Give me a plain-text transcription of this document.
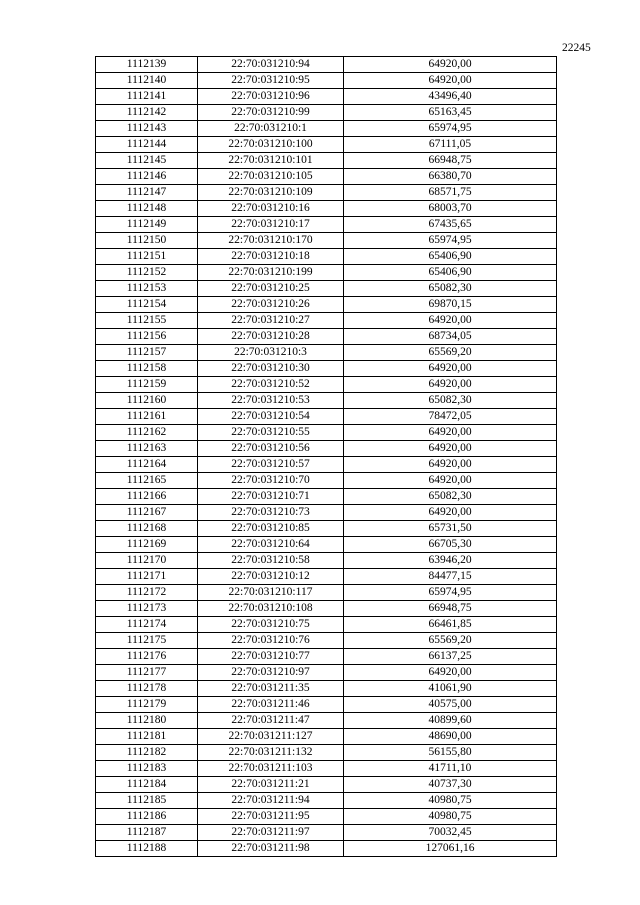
22245
1112139	22:70:031210:94	64920,00
1112140	22:70:031210:95	64920,00
1112141	22:70:031210:96	43496,40
1112142	22:70:031210:99	65163,45
1112143	22:70:031210:1	65974,95
1112144	22:70:031210:100	67111,05
1112145	22:70:031210:101	66948,75
1112146	22:70:031210:105	66380,70
1112147	22:70:031210:109	68571,75
1112148	22:70:031210:16	68003,70
1112149	22:70:031210:17	67435,65
1112150	22:70:031210:170	65974,95
1112151	22:70:031210:18	65406,90
1112152	22:70:031210:199	65406,90
1112153	22:70:031210:25	65082,30
1112154	22:70:031210:26	69870,15
1112155	22:70:031210:27	64920,00
1112156	22:70:031210:28	68734,05
1112157	22:70:031210:3	65569,20
1112158	22:70:031210:30	64920,00
1112159	22:70:031210:52	64920,00
1112160	22:70:031210:53	65082,30
1112161	22:70:031210:54	78472,05
1112162	22:70:031210:55	64920,00
1112163	22:70:031210:56	64920,00
1112164	22:70:031210:57	64920,00
1112165	22:70:031210:70	64920,00
1112166	22:70:031210:71	65082,30
1112167	22:70:031210:73	64920,00
1112168	22:70:031210:85	65731,50
1112169	22:70:031210:64	66705,30
1112170	22:70:031210:58	63946,20
1112171	22:70:031210:12	84477,15
1112172	22:70:031210:117	65974,95
1112173	22:70:031210:108	66948,75
1112174	22:70:031210:75	66461,85
1112175	22:70:031210:76	65569,20
1112176	22:70:031210:77	66137,25
1112177	22:70:031210:97	64920,00
1112178	22:70:031211:35	41061,90
1112179	22:70:031211:46	40575,00
1112180	22:70:031211:47	40899,60
1112181	22:70:031211:127	48690,00
1112182	22:70:031211:132	56155,80
1112183	22:70:031211:103	41711,10
1112184	22:70:031211:21	40737,30
1112185	22:70:031211:94	40980,75
1112186	22:70:031211:95	40980,75
1112187	22:70:031211:97	70032,45
1112188	22:70:031211:98	127061,16
